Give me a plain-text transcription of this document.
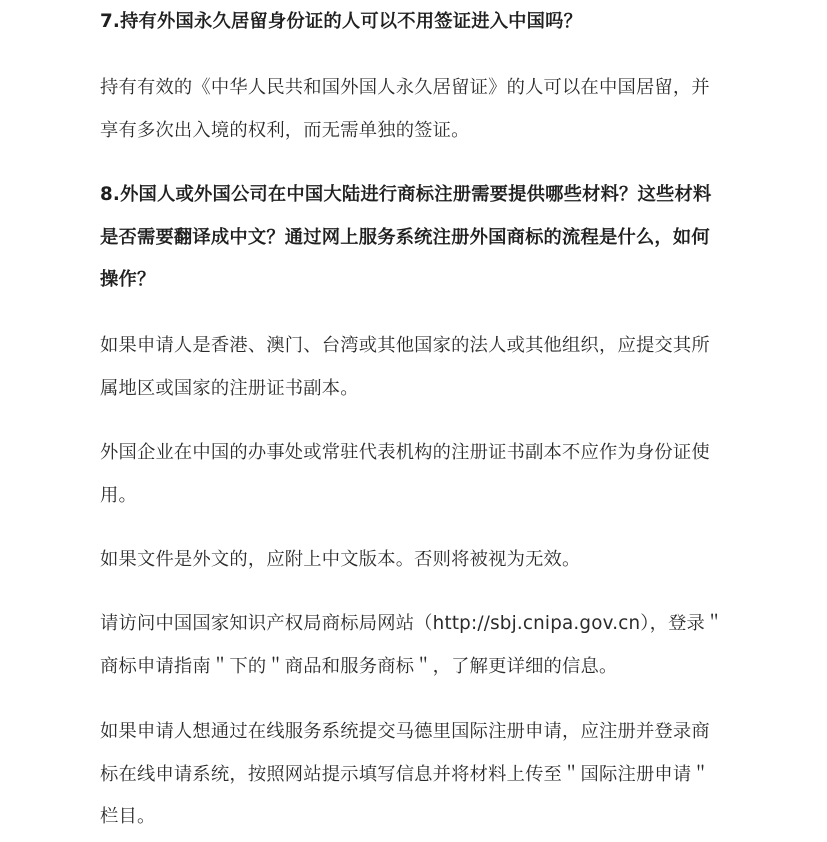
7.持有外国永久居留身份证的人可以不用签证进入中国吗？
持有有效的《中华人民共和国外国人永久居留证》的人可以在中国居留，并
享有多次出入境的权利，而无需单独的签证。
8.外国人或外国公司在中国大陆进行商标注册需要提供哪些材料？这些材料
是否需要翻译成中文？通过网上服务系统注册外国商标的流程是什么，如何
操作？
如果申请人是香港、澳门、台湾或其他国家的法人或其他组织，应提交其所
属地区或国家的注册证书副本。
外国企业在中国的办事处或常驻代表机构的注册证书副本不应作为身份证使
用。
如果文件是外文的，应附上中文版本。否则将被视为无效。
请访问中国国家知识产权局商标局网站（http://sbj.cnipa.gov.cn），登录＂
商标申请指南＂下的＂商品和服务商标＂，了解更详细的信息。
如果申请人想通过在线服务系统提交马德里国际注册申请，应注册并登录商
标在线申请系统，按照网站提示填写信息并将材料上传至＂国际注册申请＂
栏目。
